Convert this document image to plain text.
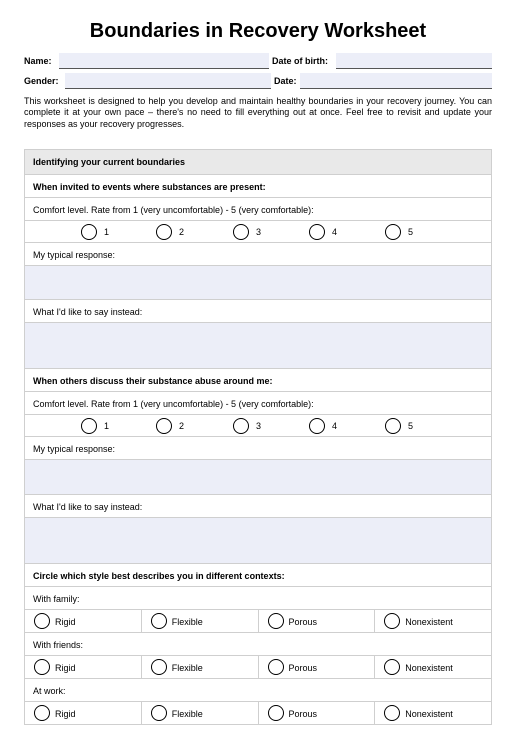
Boundaries in Recovery Worksheet
Name:	Date of birth:
Gender:	Date:
This worksheet is designed to help you develop and maintain healthy boundaries in your recovery journey. You can complete it at your own pace – there's no need to fill everything out at once. Feel free to revisit and update your responses as your recovery progresses.
Identifying your current boundaries
When invited to events where substances are present:
Comfort level. Rate from 1 (very uncomfortable) - 5 (very comfortable):
1	2	3	4	5
My typical response:
What I'd like to say instead:
When others discuss their substance abuse around me:
Comfort level. Rate from 1 (very uncomfortable) - 5 (very comfortable):
1	2	3	4	5
My typical response:
What I'd like to say instead:
Circle which style best describes you in different contexts:
With family:
Rigid	Flexible	Porous	Nonexistent
With friends:
Rigid	Flexible	Porous	Nonexistent
At work:
Rigid	Flexible	Porous	Nonexistent
